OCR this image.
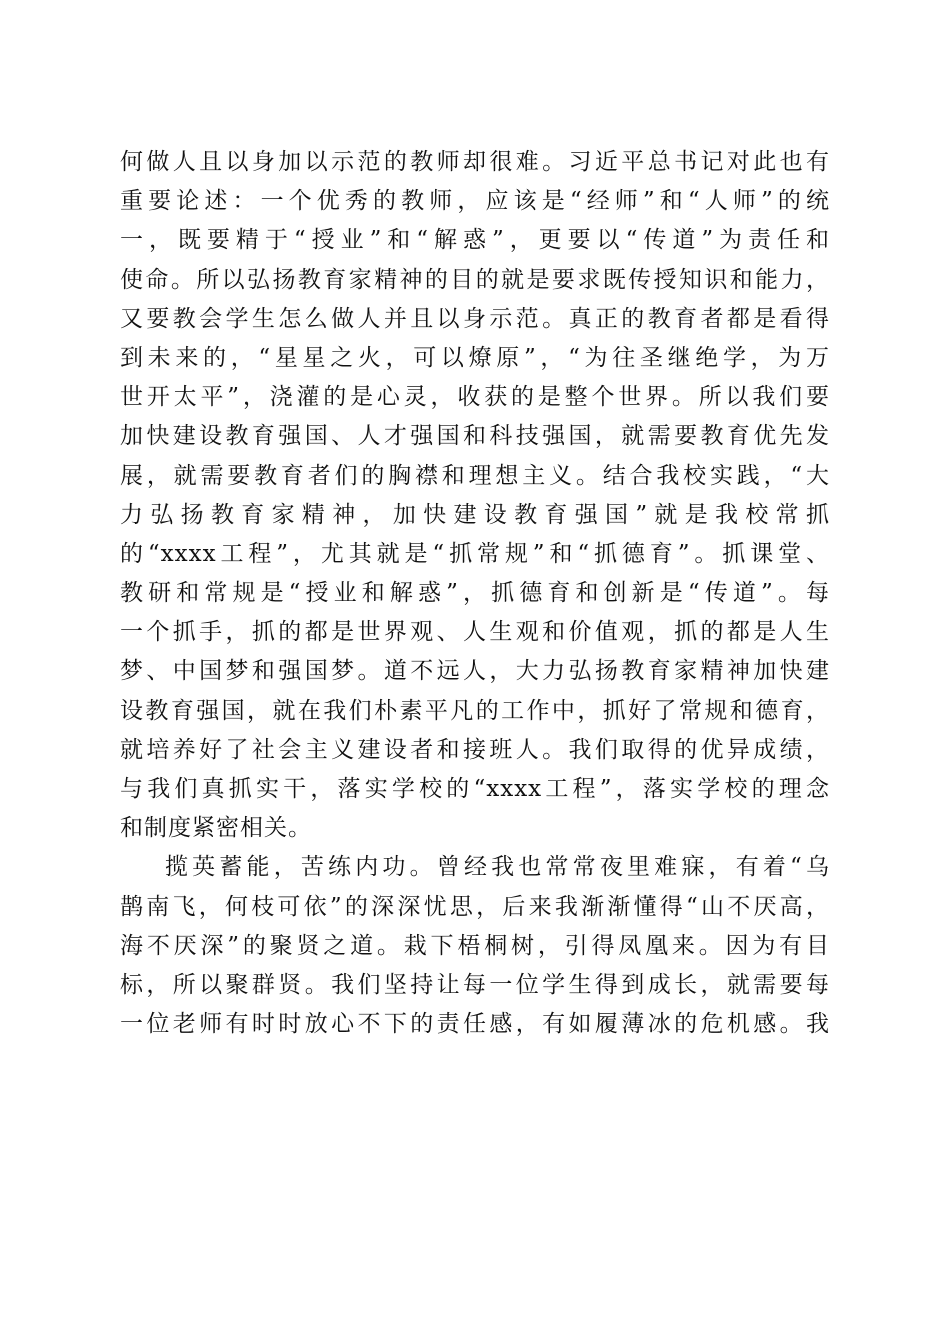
何做人且以身加以示范的教师却很难。习近平总书记对此也有
重要论述：一个优秀的教师，应该是“经师”和“人师”的统
一，既要精于“授业”和“解惑”，更要以“传道”为责任和
使命。所以弘扬教育家精神的目的就是要求既传授知识和能力，
又要教会学生怎么做人并且以身示范。真正的教育者都是看得
到未来的，“星星之火，可以燎原”，“为往圣继绝学，为万
世开太平”，浇灌的是心灵，收获的是整个世界。所以我们要
加快建设教育强国、人才强国和科技强国，就需要教育优先发
展，就需要教育者们的胸襟和理想主义。结合我校实践，“大
力弘扬教育家精神，加快建设教育强国”就是我校常抓
的“xxxx工程”，尤其就是“抓常规”和“抓德育”。抓课堂、
教研和常规是“授业和解惑”，抓德育和创新是“传道”。每
一个抓手，抓的都是世界观、人生观和价值观，抓的都是人生
梦、中国梦和强国梦。道不远人，大力弘扬教育家精神加快建
设教育强国，就在我们朴素平凡的工作中，抓好了常规和德育，
就培养好了社会主义建设者和接班人。我们取得的优异成绩，
与我们真抓实干，落实学校的“xxxx工程”，落实学校的理念
和制度紧密相关。
揽英蓄能，苦练内功。曾经我也常常夜里难寐，有着“乌
鹊南飞，何枝可依”的深深忧思，后来我渐渐懂得“山不厌高，
海不厌深”的聚贤之道。栽下梧桐树，引得凤凰来。因为有目
标，所以聚群贤。我们坚持让每一位学生得到成长，就需要每
一位老师有时时放心不下的责任感，有如履薄冰的危机感。我
